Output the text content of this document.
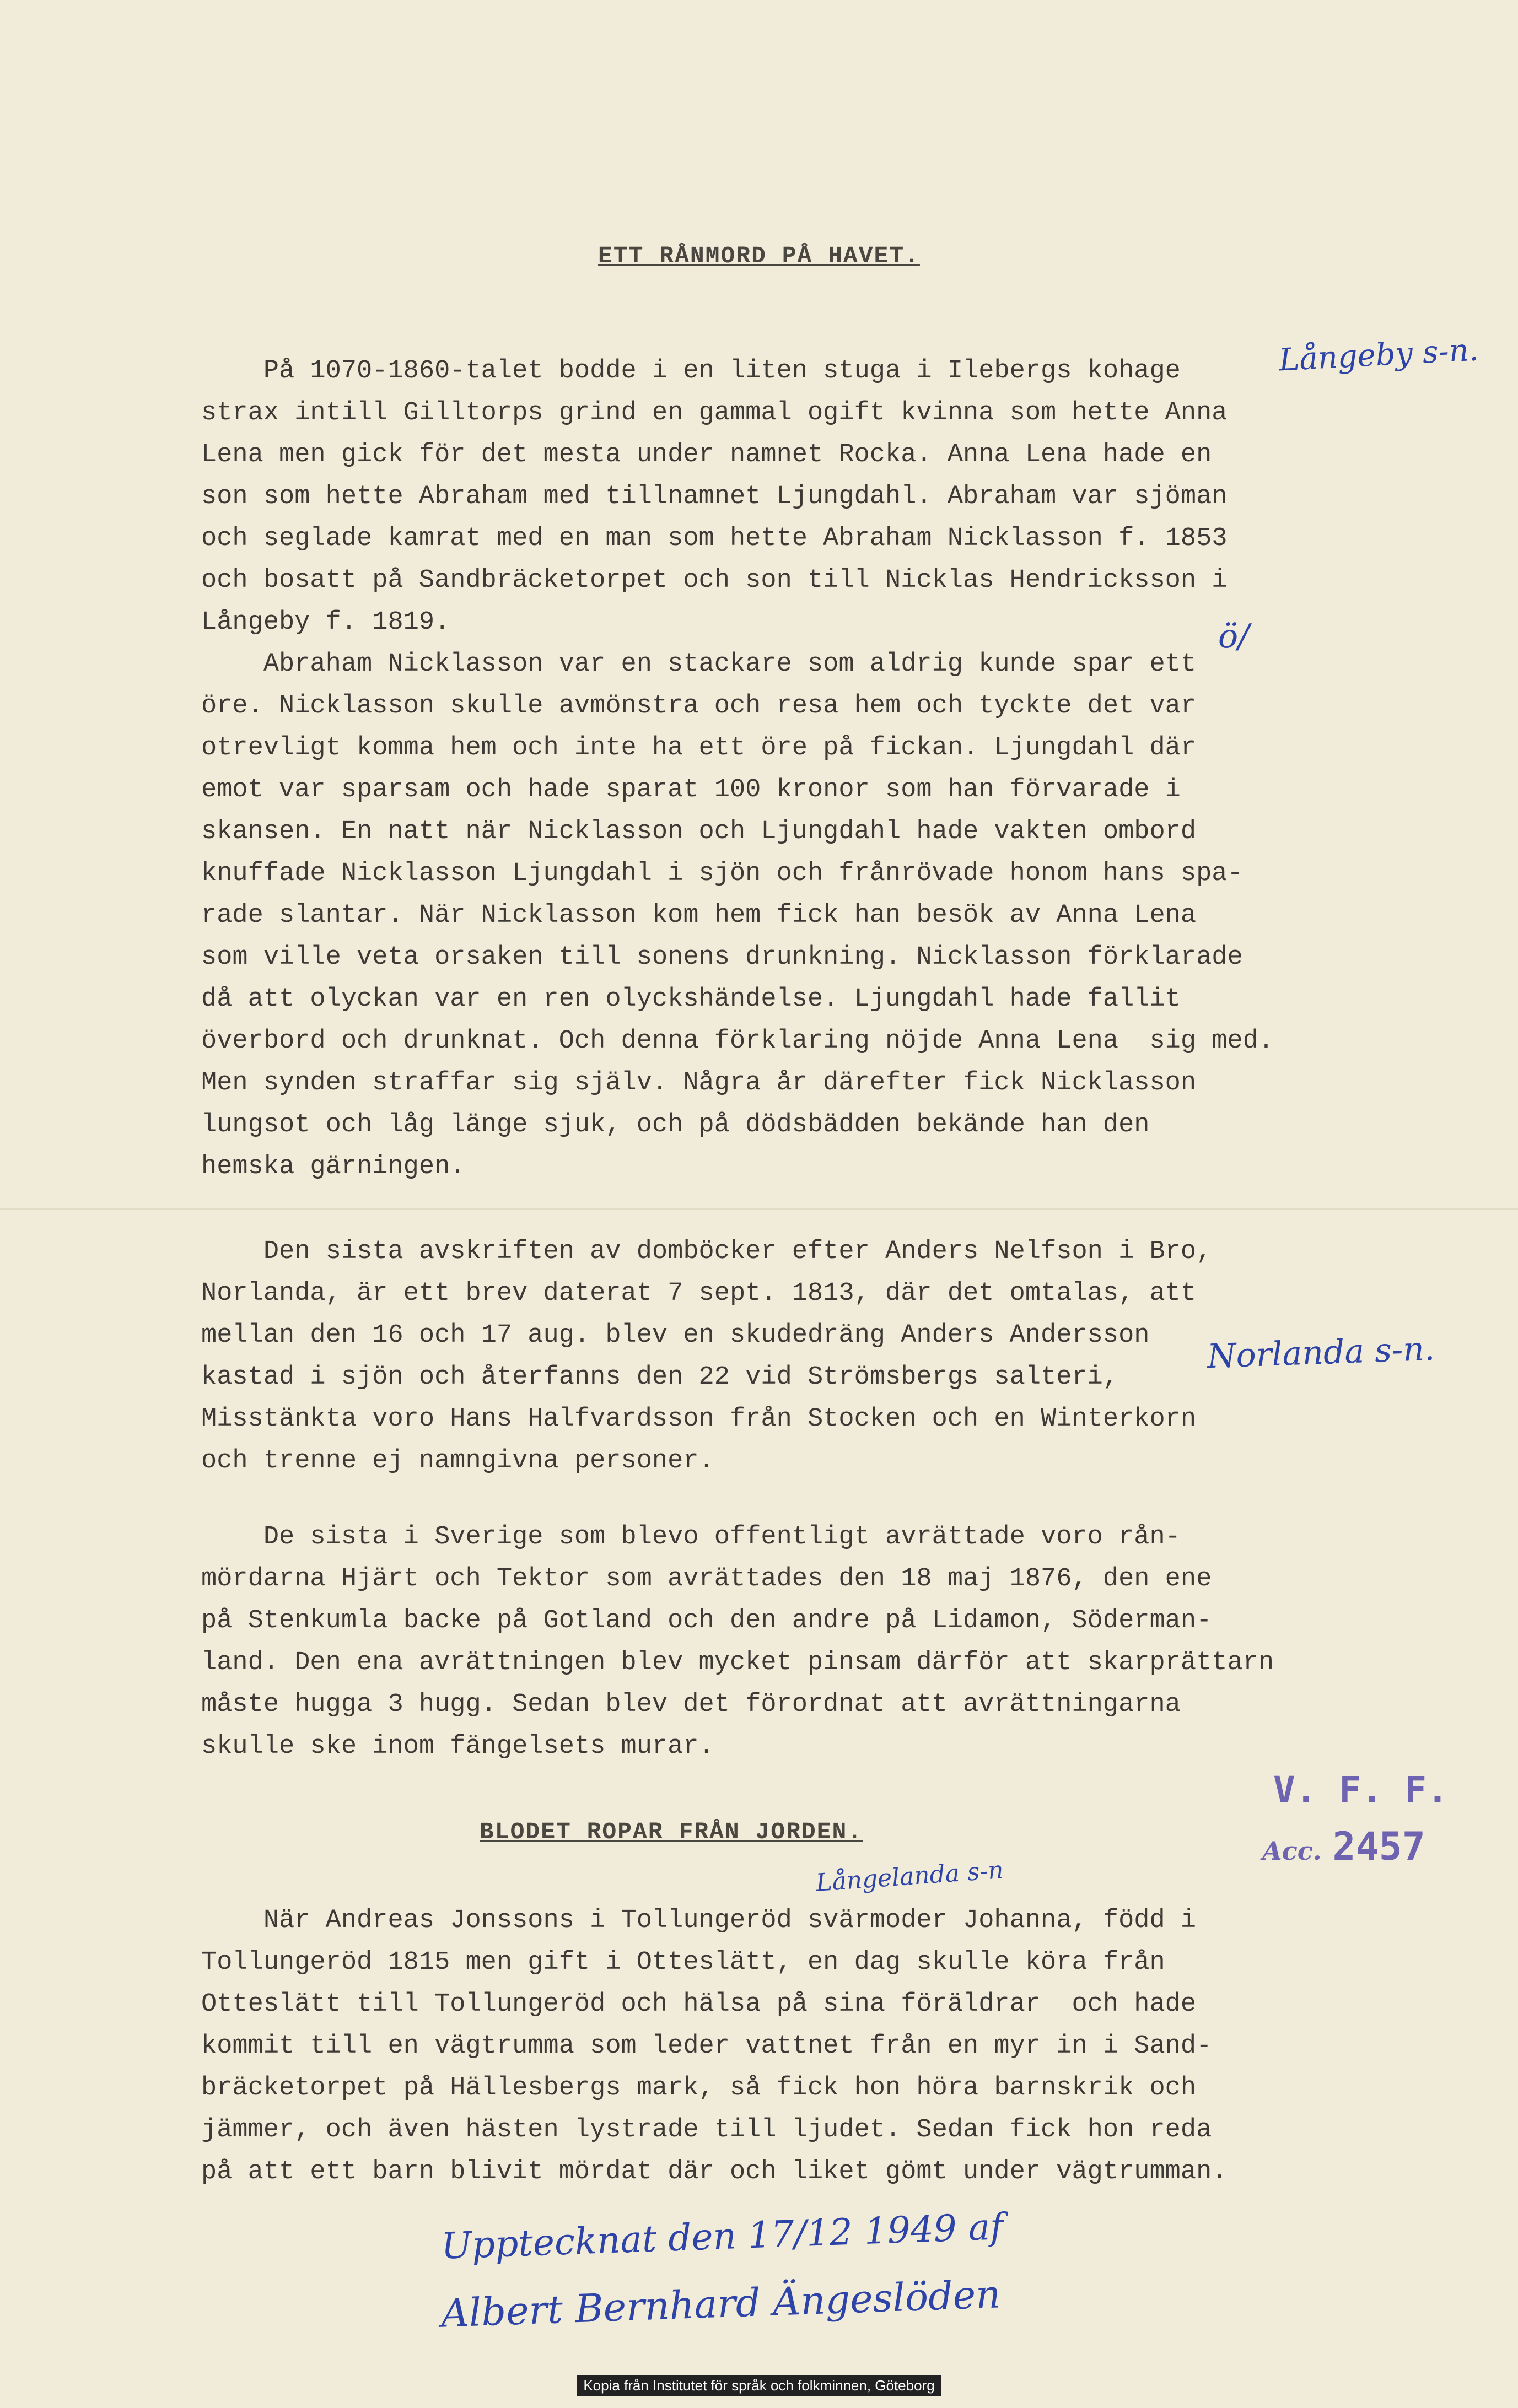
ETT RÅNMORD PÅ HAVET.
På 1070-1860-talet bodde i en liten stuga i Ilebergs kohage
strax intill Gilltorps grind en gammal ogift kvinna som hette Anna
Lena men gick för det mesta under namnet Rocka. Anna Lena hade en
son som hette Abraham med tillnamnet Ljungdahl. Abraham var sjöman
och seglade kamrat med en man som hette Abraham Nicklasson f. 1853
och bosatt på Sandbräcketorpet och son till Nicklas Hendricksson i
Långeby f. 1819.
Abraham Nicklasson var en stackare som aldrig kunde spar ett
öre. Nicklasson skulle avmönstra och resa hem och tyckte det var
otrevligt komma hem och inte ha ett öre på fickan. Ljungdahl där
emot var sparsam och hade sparat 100 kronor som han förvarade i
skansen. En natt när Nicklasson och Ljungdahl hade vakten ombord
knuffade Nicklasson Ljungdahl i sjön och frånrövade honom hans spa-
rade slantar. När Nicklasson kom hem fick han besök av Anna Lena
som ville veta orsaken till sonens drunkning. Nicklasson förklarade
då att olyckan var en ren olyckshändelse. Ljungdahl hade fallit
överbord och drunknat. Och denna förklaring nöjde Anna Lena  sig med.
Men synden straffar sig själv. Några år därefter fick Nicklasson
lungsot och låg länge sjuk, och på dödsbädden bekände han den
hemska gärningen.
Den sista avskriften av domböcker efter Anders Nelfson i Bro,
Norlanda, är ett brev daterat 7 sept. 1813, där det omtalas, att
mellan den 16 och 17 aug. blev en skudedräng Anders Andersson
kastad i sjön och återfanns den 22 vid Strömsbergs salteri,
Misstänkta voro Hans Halfvardsson från Stocken och en Winterkorn
och trenne ej namngivna personer.
De sista i Sverige som blevo offentligt avrättade voro rån-
mördarna Hjärt och Tektor som avrättades den 18 maj 1876, den ene
på Stenkumla backe på Gotland och den andre på Lidamon, Söderman-
land. Den ena avrättningen blev mycket pinsam därför att skarprättarn
måste hugga 3 hugg. Sedan blev det förordnat att avrättningarna
skulle ske inom fängelsets murar.
BLODET ROPAR FRÅN JORDEN.
När Andreas Jonssons i Tollungeröd svärmoder Johanna, född i
Tollungeröd 1815 men gift i Otteslätt, en dag skulle köra från
Otteslätt till Tollungeröd och hälsa på sina föräldrar  och hade
kommit till en vägtrumma som leder vattnet från en myr in i Sand-
bräcketorpet på Hällesbergs mark, så fick hon höra barnskrik och
jämmer, och även hästen lystrade till ljudet. Sedan fick hon reda
på att ett barn blivit mördat där och liket gömt under vägtrumman.
Långeby s-n.
ö/
Norlanda s-n.
Långelanda s-n
V. F. F.
Acc. 2457
Upptecknat den 17/12 1949 af
Albert Bernhard Ängeslöden
Kopia från Institutet för språk och folkminnen, Göteborg
